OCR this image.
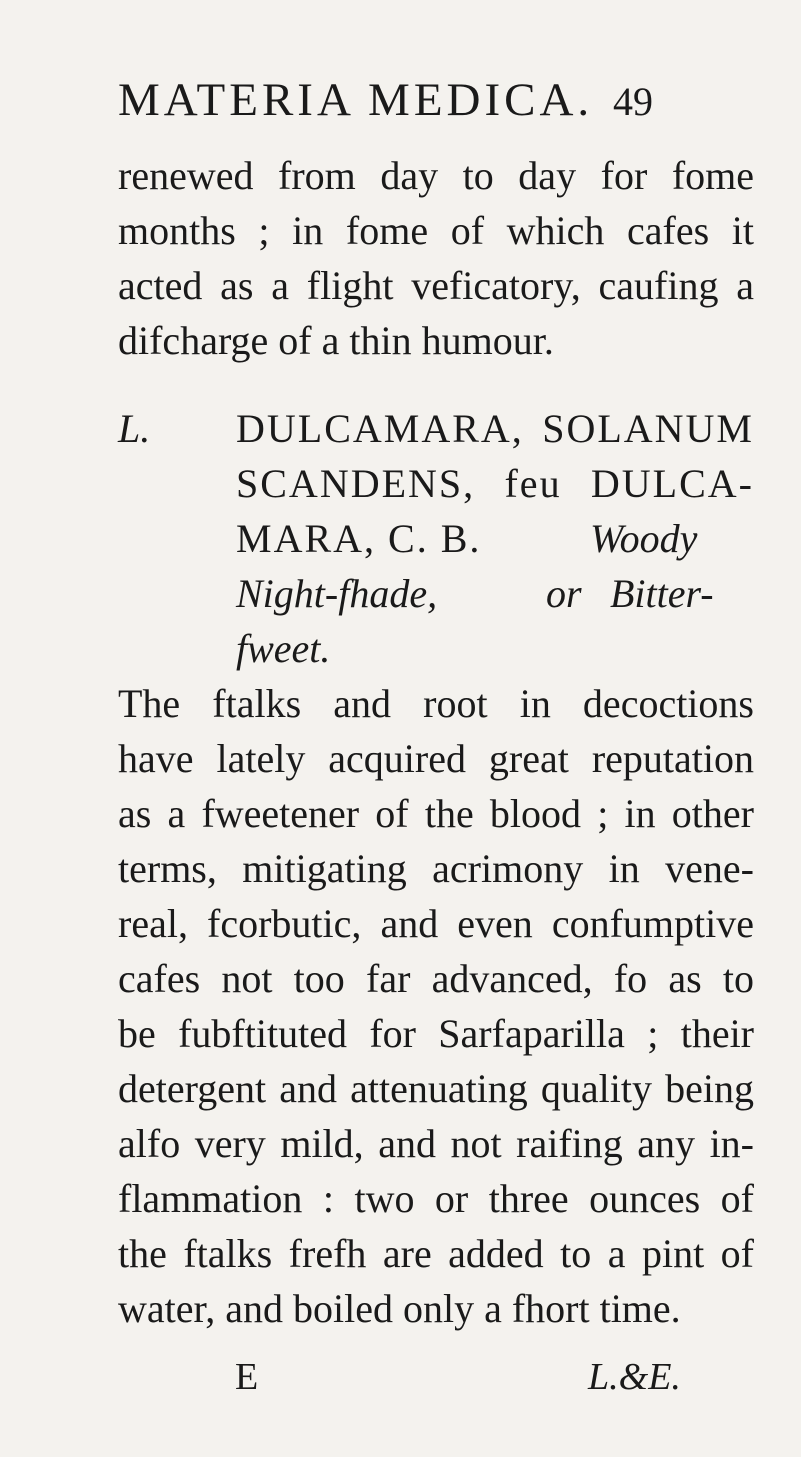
MATERIA MEDICA. 49
renewed from day to day for fome
months ; in fome of which cafes it
acted as a flight veficatory, caufing a
difcharge of a thin humour.
L. DULCAMARA, SOLANUM
SCANDENS, feu DULCA-
MARA, C. B.	Woody
Night-fhade,	or Bitter-
fweet.
The ftalks and root in decoctions
have lately acquired great reputation
as a fweetener of the blood ; in other
terms, mitigating acrimony in vene-
real, fcorbutic, and even confumptive
cafes not too far advanced, fo as to
be fubftituted for Sarfaparilla ; their
detergent and attenuating quality being
alfo very mild, and not raifing any in-
flammation : two or three ounces of
the ftalks frefh are added to a pint of
water, and boiled only a fhort time.
E	L.&E.
